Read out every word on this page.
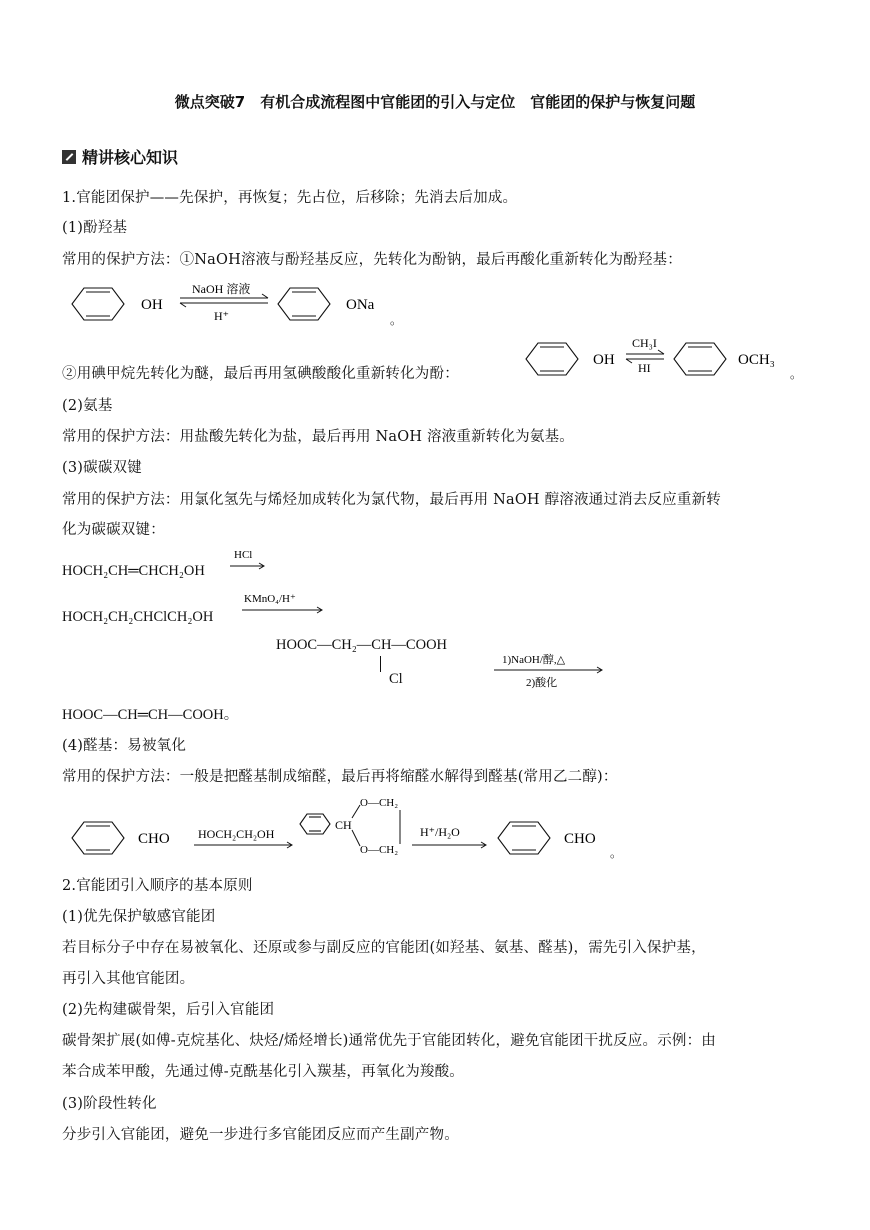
微点突破7　有机合成流程图中官能团的引入与定位　官能团的保护与恢复问题
精讲核心知识
1.官能团保护——先保护，再恢复；先占位，后移除；先消去后加成。
(1)酚羟基
常用的保护方法：①NaOH溶液与酚羟基反应，先转化为酚钠，最后再酸化重新转化为酚羟基：
OH
NaOH 溶液
H⁺
ONa
。
②用碘甲烷先转化为醚，最后再用氢碘酸酸化重新转化为酚：
OH
CH₃I
HI	OCH₃
。
(2)氨基
常用的保护方法：用盐酸先转化为盐，最后再用 NaOH 溶液重新转化为氨基。
(3)碳碳双键
常用的保护方法：用氯化氢先与烯烃加成转化为氯代物，最后再用 NaOH 醇溶液通过消去反应重新转
化为碳碳双键：
HOCH₂CH═CHCH₂OH
HCl
HOCH₂CH₂CHClCH₂OH
KMnO₄/H⁺
HOOC—CH₂—CH—COOH
Cl
1)NaOH/醇,△
2)酸化
HOOC—CH═CH—COOH。
(4)醛基：易被氧化
常用的保护方法：一般是把醛基制成缩醛，最后再将缩醛水解得到醛基(常用乙二醇)：
CHO HOCH₂CH₂OH
CH
O—CH₂
O—CH₂
H⁺/H₂O	CHO
。
2.官能团引入顺序的基本原则
(1)优先保护敏感官能团
若目标分子中存在易被氧化、还原或参与副反应的官能团(如羟基、氨基、醛基)，需先引入保护基，
再引入其他官能团。
(2)先构建碳骨架，后引入官能团
碳骨架扩展(如傅-克烷基化、炔烃/烯烃增长)通常优先于官能团转化，避免官能团干扰反应。示例：由
苯合成苯甲酸，先通过傅-克酰基化引入羰基，再氧化为羧酸。
(3)阶段性转化
分步引入官能团，避免一步进行多官能团反应而产生副产物。
